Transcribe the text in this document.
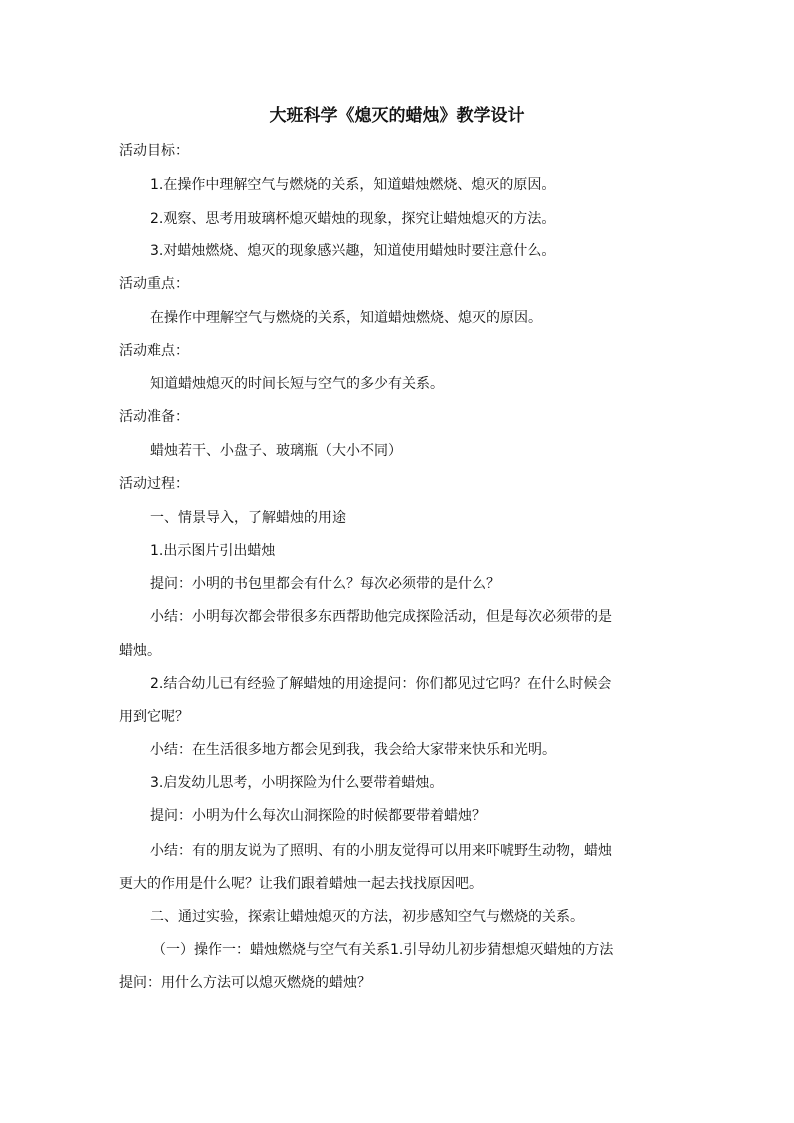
大班科学《熄灭的蜡烛》教学设计
活动目标：
1.在操作中理解空气与燃烧的关系，知道蜡烛燃烧、熄灭的原因。
2.观察、思考用玻璃杯熄灭蜡烛的现象，探究让蜡烛熄灭的方法。
3.对蜡烛燃烧、熄灭的现象感兴趣，知道使用蜡烛时要注意什么。
活动重点：
在操作中理解空气与燃烧的关系，知道蜡烛燃烧、熄灭的原因。
活动难点：
知道蜡烛熄灭的时间长短与空气的多少有关系。
活动准备：
蜡烛若干、小盘子、玻璃瓶（大小不同）
活动过程：
一、情景导入，了解蜡烛的用途
1.出示图片引出蜡烛
提问：小明的书包里都会有什么？每次必须带的是什么？
小结：小明每次都会带很多东西帮助他完成探险活动，但是每次必须带的是
蜡烛。
2.结合幼儿已有经验了解蜡烛的用途提问：你们都见过它吗？在什么时候会
用到它呢？
小结：在生活很多地方都会见到我，我会给大家带来快乐和光明。
3.启发幼儿思考，小明探险为什么要带着蜡烛。
提问：小明为什么每次山洞探险的时候都要带着蜡烛？
小结：有的朋友说为了照明、有的小朋友觉得可以用来吓唬野生动物，蜡烛
更大的作用是什么呢？让我们跟着蜡烛一起去找找原因吧。
二、通过实验，探索让蜡烛熄灭的方法，初步感知空气与燃烧的关系。
（一）操作一：蜡烛燃烧与空气有关系1.引导幼儿初步猜想熄灭蜡烛的方法
提问：用什么方法可以熄灭燃烧的蜡烛？
